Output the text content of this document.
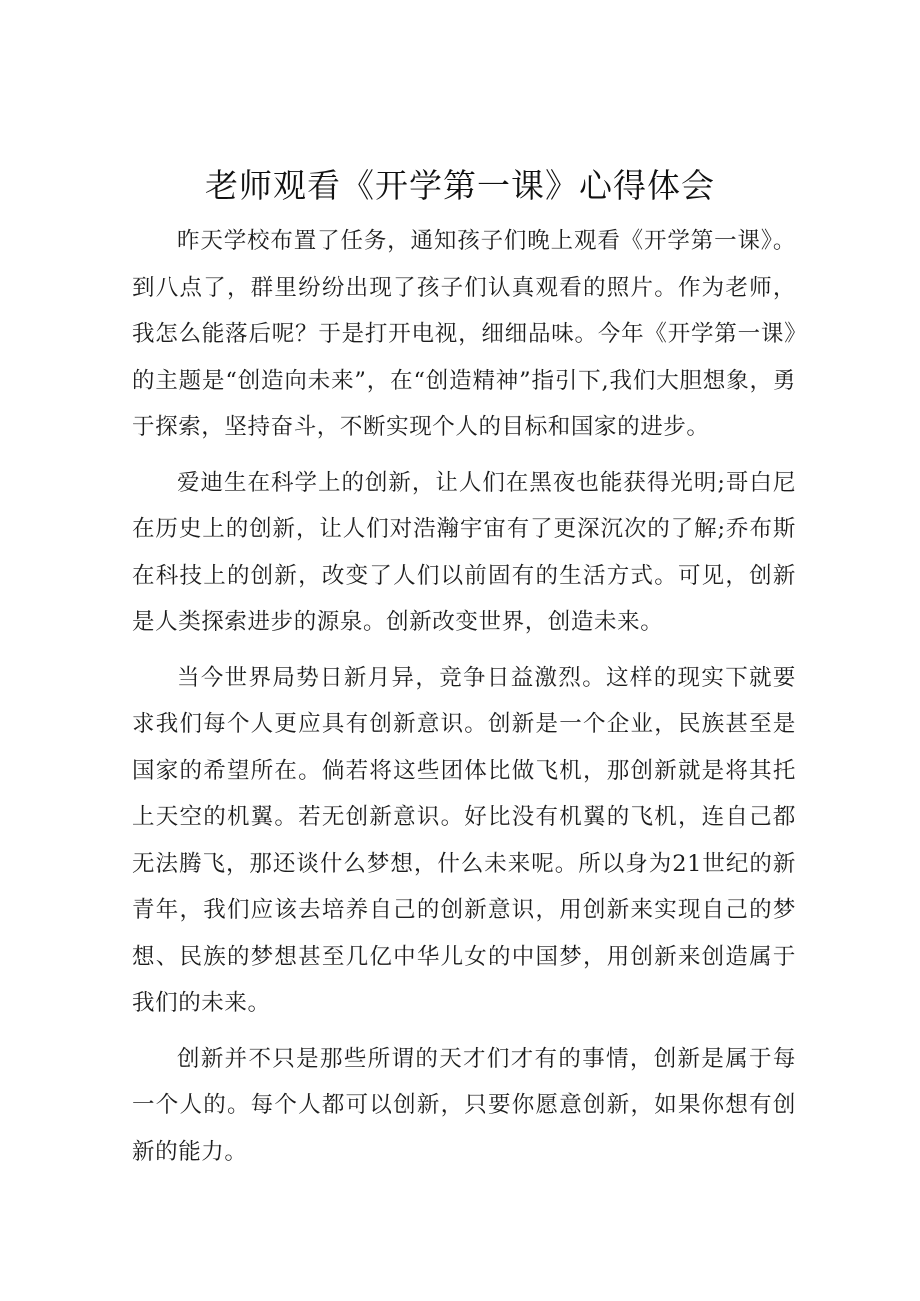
老师观看《开学第一课》心得体会

昨天学校布置了任务，通知孩子们晚上观看《开学第一课》。到八点了，群里纷纷出现了孩子们认真观看的照片。作为老师，我怎么能落后呢？于是打开电视，细细品味。今年《开学第一课》的主题是“创造向未来”，在“创造精神”指引下,我们大胆想象，勇于探索，坚持奋斗，不断实现个人的目标和国家的进步。

爱迪生在科学上的创新，让人们在黑夜也能获得光明;哥白尼在历史上的创新，让人们对浩瀚宇宙有了更深沉次的了解;乔布斯在科技上的创新，改变了人们以前固有的生活方式。可见，创新是人类探索进步的源泉。创新改变世界，创造未来。

当今世界局势日新月异，竞争日益激烈。这样的现实下就要求我们每个人更应具有创新意识。创新是一个企业，民族甚至是国家的希望所在。倘若将这些团体比做飞机，那创新就是将其托上天空的机翼。若无创新意识。好比没有机翼的飞机，连自己都无法腾飞，那还谈什么梦想，什么未来呢。所以身为21世纪的新青年，我们应该去培养自己的创新意识，用创新来实现自己的梦想、民族的梦想甚至几亿中华儿女的中国梦，用创新来创造属于我们的未来。

创新并不只是那些所谓的天才们才有的事情，创新是属于每一个人的。每个人都可以创新，只要你愿意创新，如果你想有创新的能力。
